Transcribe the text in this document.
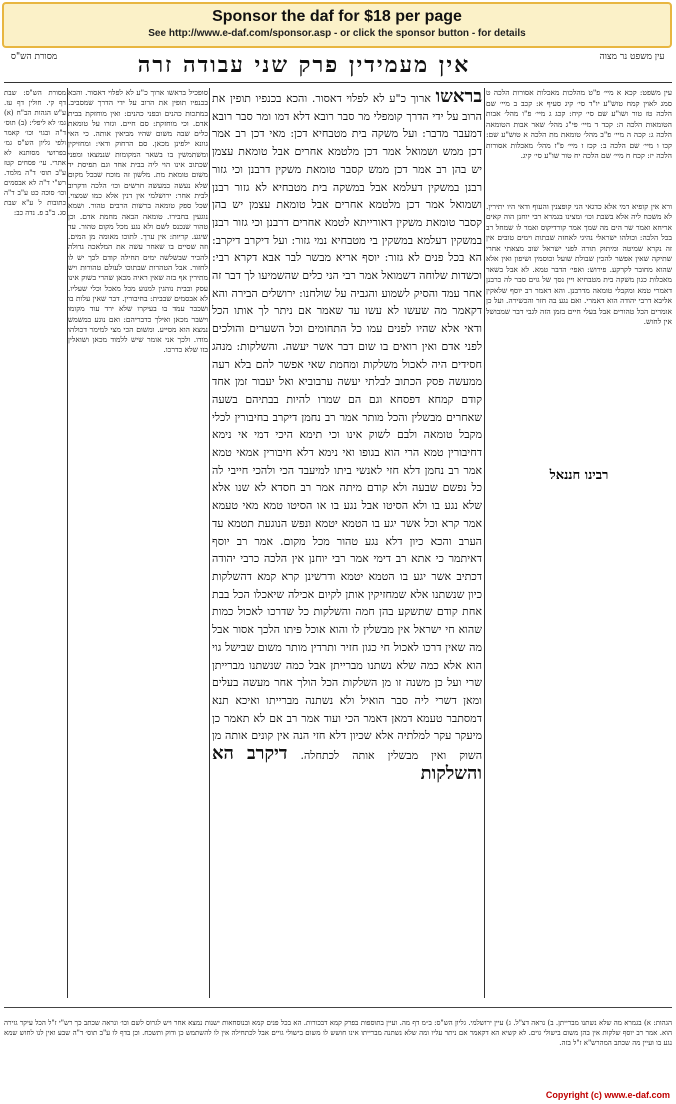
Sponsor the daf for $18 per page
See http://www.e-daf.com/sponsor.asp - or click the sponsor button - for details
מסורת הש"ס	אין מעמידין פרק שני עבודה זרה	עין משפט נר מצוה

מסורת הש"ס: שבת דף קי. חולין דף עז. ע"ש הגהות הב"ח (א) גמ׳ לא ליפלי: (ב) תוס׳ ד"ה ובגוי וכו׳ קאמר ולפי גליון הש"ס גמ׳ בפרושי מסותנא לא אתרי. עי׳ פסחים קטז ע"ב תוס׳ ד"ה מלמד. רש"י ד"ה לא אבסמים וכו׳ סוכה כט ע"ב ד"ה כתובות ל ע"א שבת סג. ב"ב פ. נדה כב:

סופכיל בראשו ארוך כ"ע לא לפלוי דאסור. והכא בכנפיו תופין את הרוב על ידי הדרך שמסביב. במתכות כהנים ובפני כהנים: ואין מוחזקת בבית אדם. וכי מוחזקת: סם חיים. וגזרו על טומאת כלים שבה משום שהיו מביאין אותה. כי האי גוונא ילפינן מכאן. סם הרחוק ודאי: ומחזיקין ומשתמשין בו בשאר המקומות שנמצאו ומפני שכתוב אינו הוי ליה בבית אחד וגם תפיסת יד משום טומאת מת. מלשון זה מוכח שבכל מקום שלא נעשה כמעשה חרשים וכו׳ הלכה ודקרוב לבית אחר: ירושלמי אין דנין אלא כמו שמצוי. שכל ספק טומאה ברשות הרבים טהור. ושמא נוגעין בחבירו. טומאה הבאה מחמת אדם. וכן טהור שנכנס לשם ולא נגע מכל מקום טהור. עד שיגע. קריות: אין ערך. לתוכו מאומה מן המים. וזה שסיים בו שאחר עשה את המלאכה גדולה להכיר שבשלשה ימים תחילה קודם לכך יש לו לחזור. אבל הטהרות שבתוכו לעולם טהורות ויש מתירין אף בזה שאין ראיה מכאן שהרי בשוק אינו עסק ובבית נוהגין למנוע מכל מאכל וכלי שעליו. לא אבסמים שבבית: בחיבורין. דבר שאין עלות בו ושכבר עמד בו בעיקרו שלא ירד עוד מקומו וישבר מכאן ואילך כדבריהם: ואם נוגע במשמש נמצא הוא מסייע. ומשום הכי מצי למימר דכולהו מודו. ולכך אני אומר שיש ללמוד מכאן ושואלין בזו שלא כדרכו.

בראשו ארוך כ"ע לא לפלוי דאסור. והכא בכנפיו תופין את הרוב על ידי הדרך קומפלי מר סבר רובא דלא דמו ומר סבר רובא דמעבר מדבר: ועל משקה בית מטבחיא דכן: מאי דכן רב אמר דכן ממש ושמואל אמר דכן מלטמא אחרים אבל טומאת עצמן יש בהן רב אמר דכן ממש קסבר טומאת משקין דרבנן וכי גזור רבנן במשקין דעלמא אבל במשקה בית מטבחיא לא גזור רבנן ושמואל אמר דכן מלטמא אחרים אבל טומאת עצמן יש בהן קסבר טומאת משקין דאורייתא לטמא אחרים דרבנן וכי גזור רבנן במשקין דעלמא במשקין בי מטבחיא נמי גזור: ועל דיקרב דיקרב: הא בכל פנים לא גזור: יוסף אריא מבשר לבר אבא דקרא רבי: וכשדות שלוחה דשמואל אמר רבי הני כלים שהשמיעו לך דבר זה אחר עמד והסיק לשמוע והגביה על שולחנו: ירושלים הבירה והא דקאמר מה שעשו לא עשו עד שאמר אם ניתר לך אותו הכל ודאי אלא שהיו לפנים עמו כל התחומים וכל השערים והולכים לפני אדם ואין רואים בו שום דבר אשר יעשה. והשלקות: מנהג חסידים היה לאכול משלקות ומחמת שאי אפשר להם בלא רעה ממעשה פסק הכתוב לבלתי יעשה ערבוביא ואל יעבור זמן אחד קודם קמחא דפסחא וגם הם שמרו להיות בבתיהם בשעה שאחרים מבשלין והכל מותר אמר רב נחמן דיקרב בחיבורין לכלי מקבל טומאה ולבם לשוק אינו וכי תימא היכי דמי אי נימא דחיבורין טמא הרי הוא בגופו ואי נימא דלא חיבורין אמאי טמא אמר רב נחמן דלא חזי לאנשי ביתו למיעבד הכי ולהכי חייבי לה כל נפשם שבעה ולא קודם מיתה אמר רב חסדא לא שנו אלא שלא נגע בו ולא הסיטו אבל נגע בו או הסיטו טמא מאי טעמא אמר קרא וכל אשר יגע בו הטמא יטמא ונפש הנוגעת תטמא עד הערב והכא כיון דלא נגע טהור מכל מקום. אמר רב יוסף דאיתמר כי אתא רב דימי אמר רבי יוחנן אין הלכה כרבי יהודה דכתיב אשר יגע בו הטמא יטמא ודרשינן קרא קמא דהשלקות כיון שנשתנו אלא שמחזיקין אותן לקיום אכילה שיאכלו הכל בבת אחת קודם שתשקע בהן חמה והשלקות כל שדרכו לאכול כמות שהוא חי ישראל אין מבשלין לו והוא אוכל פיתו הלכך אסור אבל מה שאין דרכו לאכול חי כגון חזיר ותרדין מותר משום שבישל גוי הוא אלא כמה שלא נשתנו מברייתן אבל כמה שנשתנו מברייתן שרי ועל כן משנה זו מן השלקות הכל הולך אחר מעשה בעלים ומאן דשרי ליה סבר הואיל ולא נשתנה מברייתו ואיכא תנא דמסתבר טעמא דמאן דאמר הכי ועוד אמר רב אם לא תאמר כן מיעקר עקר למלתיה אלא שכיון דלא חזי הנה אין קונים אותה מן השוק ואין מבשלין אותה לכתחלה. דיקרב הא והשלקות

עין משפט: קכא א מיי׳ פ"ט מהלכות מאכלות אסורות הלכה ט סמג לאוין קמח טוש"ע יו"ד סי׳ קיג סעיף א: קכב ב מיי׳ שם הלכה טז טור ושו"ע שם סי׳ קיח: קכג ג מיי׳ פ"ו מהל׳ אבות הטומאות הלכה ה: קכד ד מיי׳ פי"ג מהל׳ שאר אבות הטומאה הלכה ג: קכה ה מיי׳ פ"ב מהל׳ טומאת מת הלכה א טוש"ע שם: קכו ו מיי׳ שם הלכה ב: קכז ז מיי׳ פ"ז מהל׳ מאכלות אסורות הלכה יז: קכח ח מיי׳ שם הלכה יח טור שו"ע סי׳ קיג.

ורא אין קופיא דמי אלא כדגאי הני קופצנין והעוף ודאי היו יתירין. לא משכח ליה אלא בשבת וכו׳ ומצינו בגמרא רבי יוחנן הוה קאים אריחא ואמר שר הים מה שמך אמר קורדיקוס ואמר לו שמחל רב בכל הלכה: וכולהו ישראלי נהיגי לאחזה שבתות וימים טובים אין זה נקרא שמיטה ומיתוק תורה לפני ישראל שוב מצאתי אחרי שתיקה שאין אפשר להכין שבולת שועל וכוסמין ושיפון ואין אלא שהוא מחובר לקרקע. פירוש: ואפי׳ הדבר טמא. לא אבל בשאר מאכלות כגון משקה בית מטבחיא ויין נסך של גוים סבר לה כרבנן דאמרי טמא ומקבלי טומאה מדרבנן. והא דאמר רב יוסף שלאקין אליבא דרבי יהודה הוא דאמרי. ואם נגע בה חזר והכשירה. ועל כן אומרים הכל טהורים אבל בעלי חיים בזמן הזה לגבי דבר שמבושל אין לחוש.

רבינו חננאל

הגהות: א) בגמרא מה שלא נשתנו מברייתן. ב) נראה דצ"ל. ג) עיין ירושלמי. גליון הש"ס: ב״מ דף מה. ועיין בתוספות בפרק קמא דבכורות. הא בכל פנים קמא ובנוסחאות ישנות נמצא אחר ויש לגרוס לשם וכו׳ ונראה שכתב כך רש"י ז"ל הכל עיקר גזירה הוא. אמר רב יוסף שלקות אין בהן משום בישולי גוים. לא קשיא הא דקאמר אם ניתר עליו ומה שלא נשתנה מברייתו אינו חושש לו משום בישולי גויים אבל לכתחילה אין לו להשתמש כן ודוק ותשכח. וכן בדף לו ע"ב תוס׳ ד"ה שבע ואין לנו לחוש שמא נגע בו ועיין מה שכתב המהרש"א ז"ל בזה.

Copyright (c) www.e-daf.com
